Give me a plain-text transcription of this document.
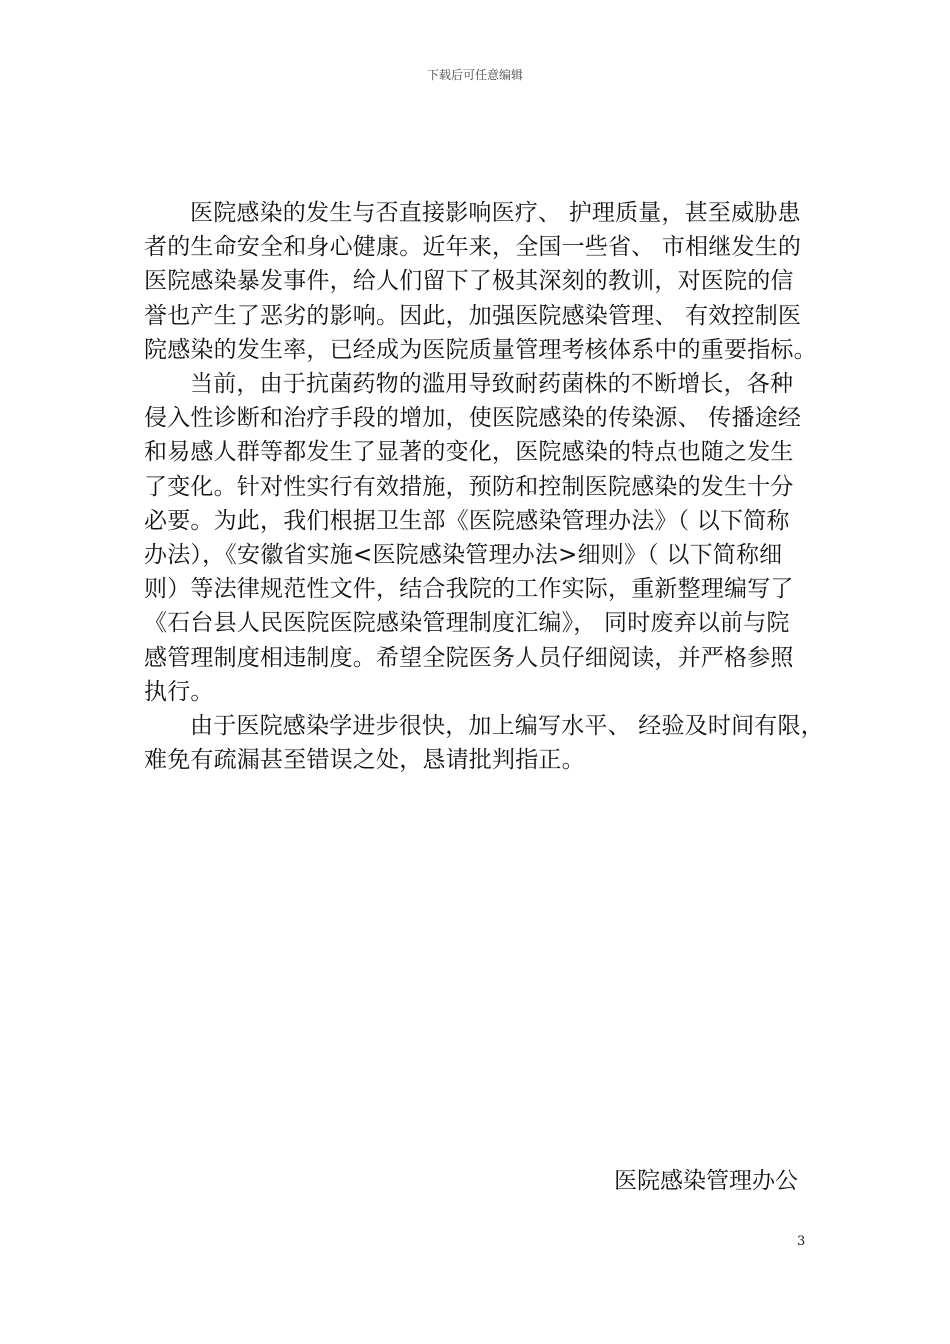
下载后可任意编辑
医院感染的发生与否直接影响医疗、 护理质量，甚至威胁患
者的生命安全和身心健康。近年来，全国一些省、 市相继发生的
医院感染暴发事件，给人们留下了极其深刻的教训，对医院的信
誉也产生了恶劣的影响。因此，加强医院感染管理、 有效控制医
院感染的发生率，已经成为医院质量管理考核体系中的重要指标。
当前，由于抗菌药物的滥用导致耐药菌株的不断增长，各种
侵入性诊断和治疗手段的增加，使医院感染的传染源、 传播途经
和易感人群等都发生了显著的变化，医院感染的特点也随之发生
了变化。针对性实行有效措施，预防和控制医院感染的发生十分
必要。为此，我们根据卫生部《医院感染管理办法》（ 以下简称
办法），《安徽省实施<医院感染管理办法>细则》（ 以下简称细
则）等法律规范性文件，结合我院的工作实际，重新整理编写了
《石台县人民医院医院感染管理制度汇编》， 同时废弃以前与院
感管理制度相违制度。希望全院医务人员仔细阅读，并严格参照
执行。
由于医院感染学进步很快，加上编写水平、 经验及时间有限，
难免有疏漏甚至错误之处，恳请批判指正。
医院感染管理办公
3
